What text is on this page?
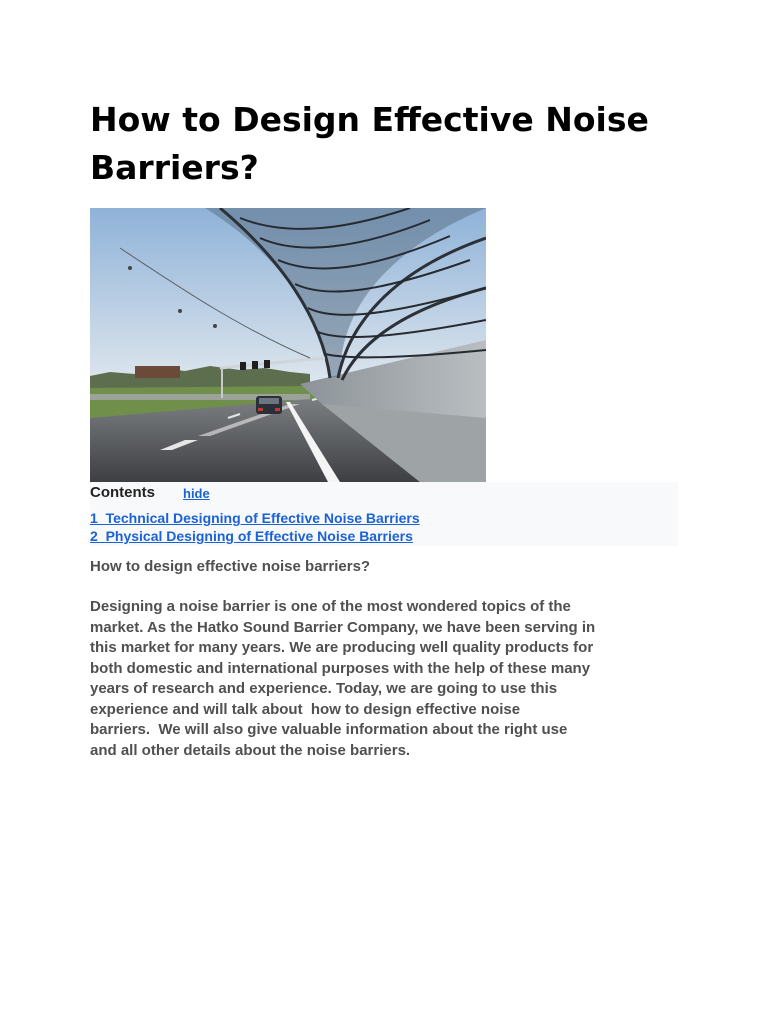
How to Design Effective Noise Barriers?
Contents hide
1  Technical Designing of Effective Noise Barriers
2  Physical Designing of Effective Noise Barriers

How to design effective noise barriers?

Designing a noise barrier is one of the most wondered topics of the
market. As the Hatko Sound Barrier Company, we have been serving in
this market for many years. We are producing well quality products for
both domestic and international purposes with the help of these many
years of research and experience. Today, we are going to use this
experience and will talk about  how to design effective noise
barriers.  We will also give valuable information about the right use
and all other details about the noise barriers.
